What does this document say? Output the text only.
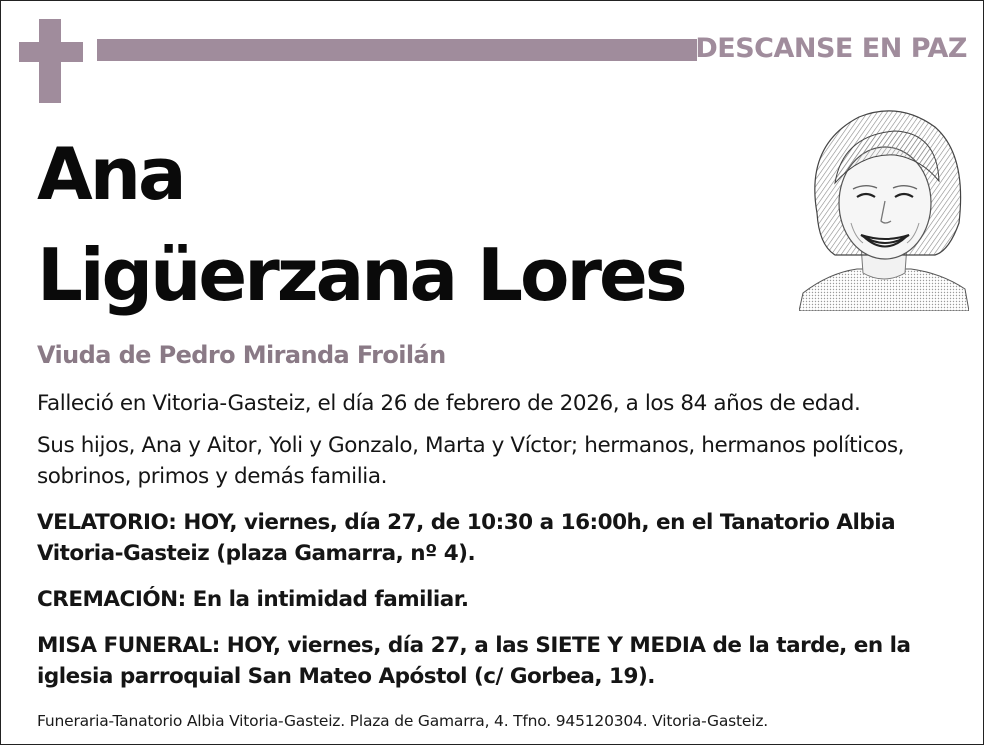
DESCANSE EN PAZ
Ana
Ligüerzana Lores
Viuda de Pedro Miranda Froilán
Falleció en Vitoria-Gasteiz, el día 26 de febrero de 2026, a los 84 años de edad.
Sus hijos, Ana y Aitor, Yoli y Gonzalo, Marta y Víctor; hermanos, hermanos políticos, sobrinos, primos y demás familia.
VELATORIO: HOY, viernes, día 27, de 10:30 a 16:00h, en el Tanatorio Albia Vitoria-Gasteiz (plaza Gamarra, nº 4).
CREMACIÓN: En la intimidad familiar.
MISA FUNERAL: HOY, viernes, día 27, a las SIETE Y MEDIA de la tarde, en la iglesia parroquial San Mateo Apóstol (c/ Gorbea, 19).
Funeraria-Tanatorio Albia Vitoria-Gasteiz. Plaza de Gamarra, 4. Tfno. 945120304. Vitoria-Gasteiz.
